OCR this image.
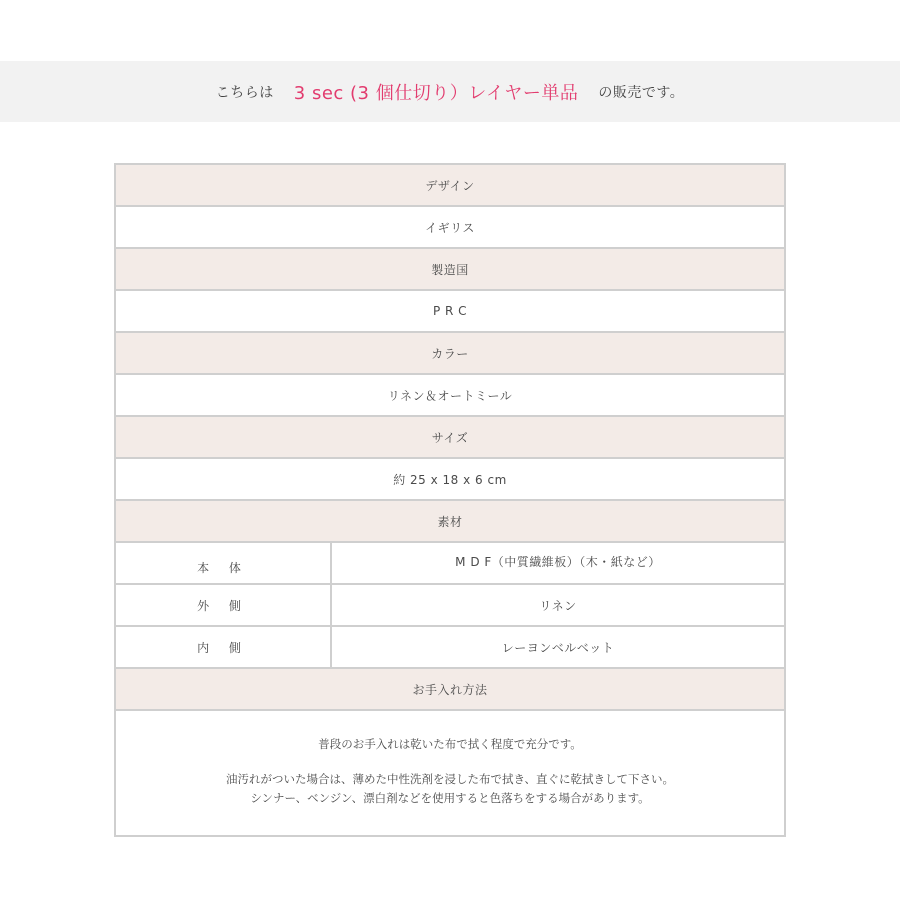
こちらは 3 sec (3 個仕切り）レイヤー単品 の販売です。
デザイン
イギリス
製造国
P R C
カラー
リネン＆オートミール
サイズ
約 25 x 18 x 6 cm
素材
本 体	M D F（中質繊維板）（木・紙など）
外 側	リネン
内 側	レーヨンベルベット
お手入れ方法

普段のお手入れは乾いた布で拭く程度で充分です。

油汚れがついた場合は、薄めた中性洗剤を浸した布で拭き、直ぐに乾拭きして下さい。

シンナー、ベンジン、漂白剤などを使用すると色落ちをする場合があります。
